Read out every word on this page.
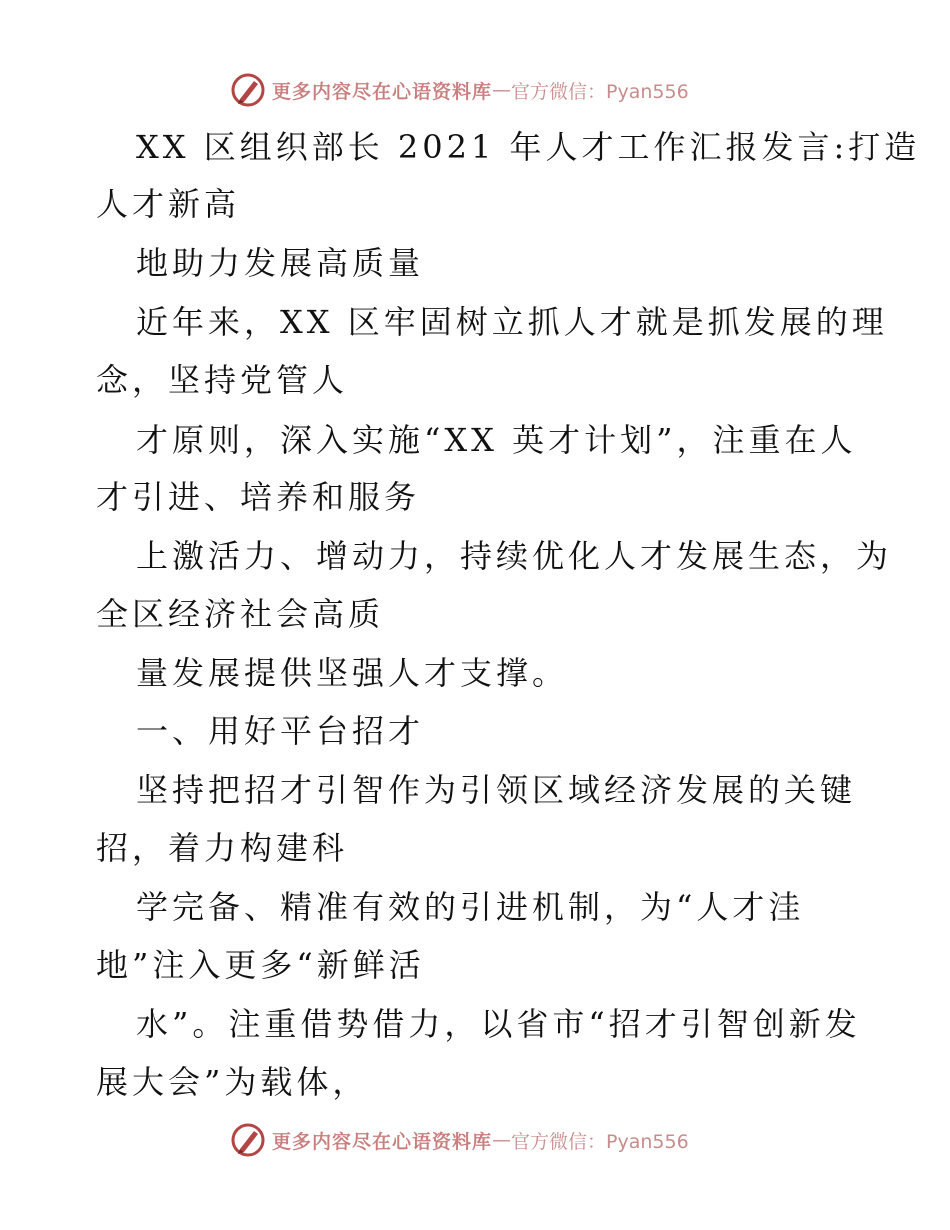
更多内容尽在心语资料库 — 官方微信：Pyan556
XX 区组织部长 2021 年人才工作汇报发言:打造
人才新高
地助力发展高质量
近年来，XX 区牢固树立抓人才就是抓发展的理
念，坚持党管人
才原则，深入实施“XX 英才计划”，注重在人
才引进、培养和服务
上激活力、增动力，持续优化人才发展生态，为
全区经济社会高质
量发展提供坚强人才支撑。
一、用好平台招才
坚持把招才引智作为引领区域经济发展的关键
招，着力构建科
学完备、精准有效的引进机制，为“人才洼
地”注入更多“新鲜活
水”。注重借势借力，以省市“招才引智创新发
展大会”为载体，
更多内容尽在心语资料库 — 官方微信：Pyan556
